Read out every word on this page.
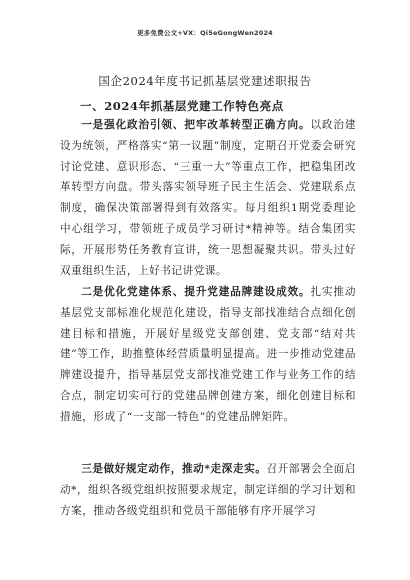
更多免费公文+VX：Qi5eGongWen2024
国企2024年度书记抓基层党建述职报告
一、2024年抓基层党建工作特色亮点

一是强化政治引领、把牢改革转型正确方向。以政治建设为统领，严格落实“第一议题”制度，定期召开党委会研究讨论党建、意识形态、“三重一大”等重点工作，把稳集团改革转型方向盘。带头落实领导班子民主生活会、党建联系点制度，确保决策部署得到有效落实。每月组织1期党委理论中心组学习，带领班子成员学习研讨*精神等。结合集团实际，开展形势任务教育宣讲，统一思想凝聚共识。带头过好双重组织生活，上好书记讲党课。

二是优化党建体系、提升党建品牌建设成效。扎实推动基层党支部标准化规范化建设，指导支部找准结合点细化创建目标和措施，开展好星级党支部创建、党支部“结对共建”等工作，助推整体经营质量明显提高。进一步推动党建品牌建设提升，指导基层党支部找准党建工作与业务工作的结合点，制定切实可行的党建品牌创建方案，细化创建目标和措施，形成了“一支部一特色”的党建品牌矩阵。

三是做好规定动作，推动*走深走实。召开部署会全面启动*，组织各级党组织按照要求规定，制定详细的学习计划和方案，推动各级党组织和党员干部能够有序开展学习
